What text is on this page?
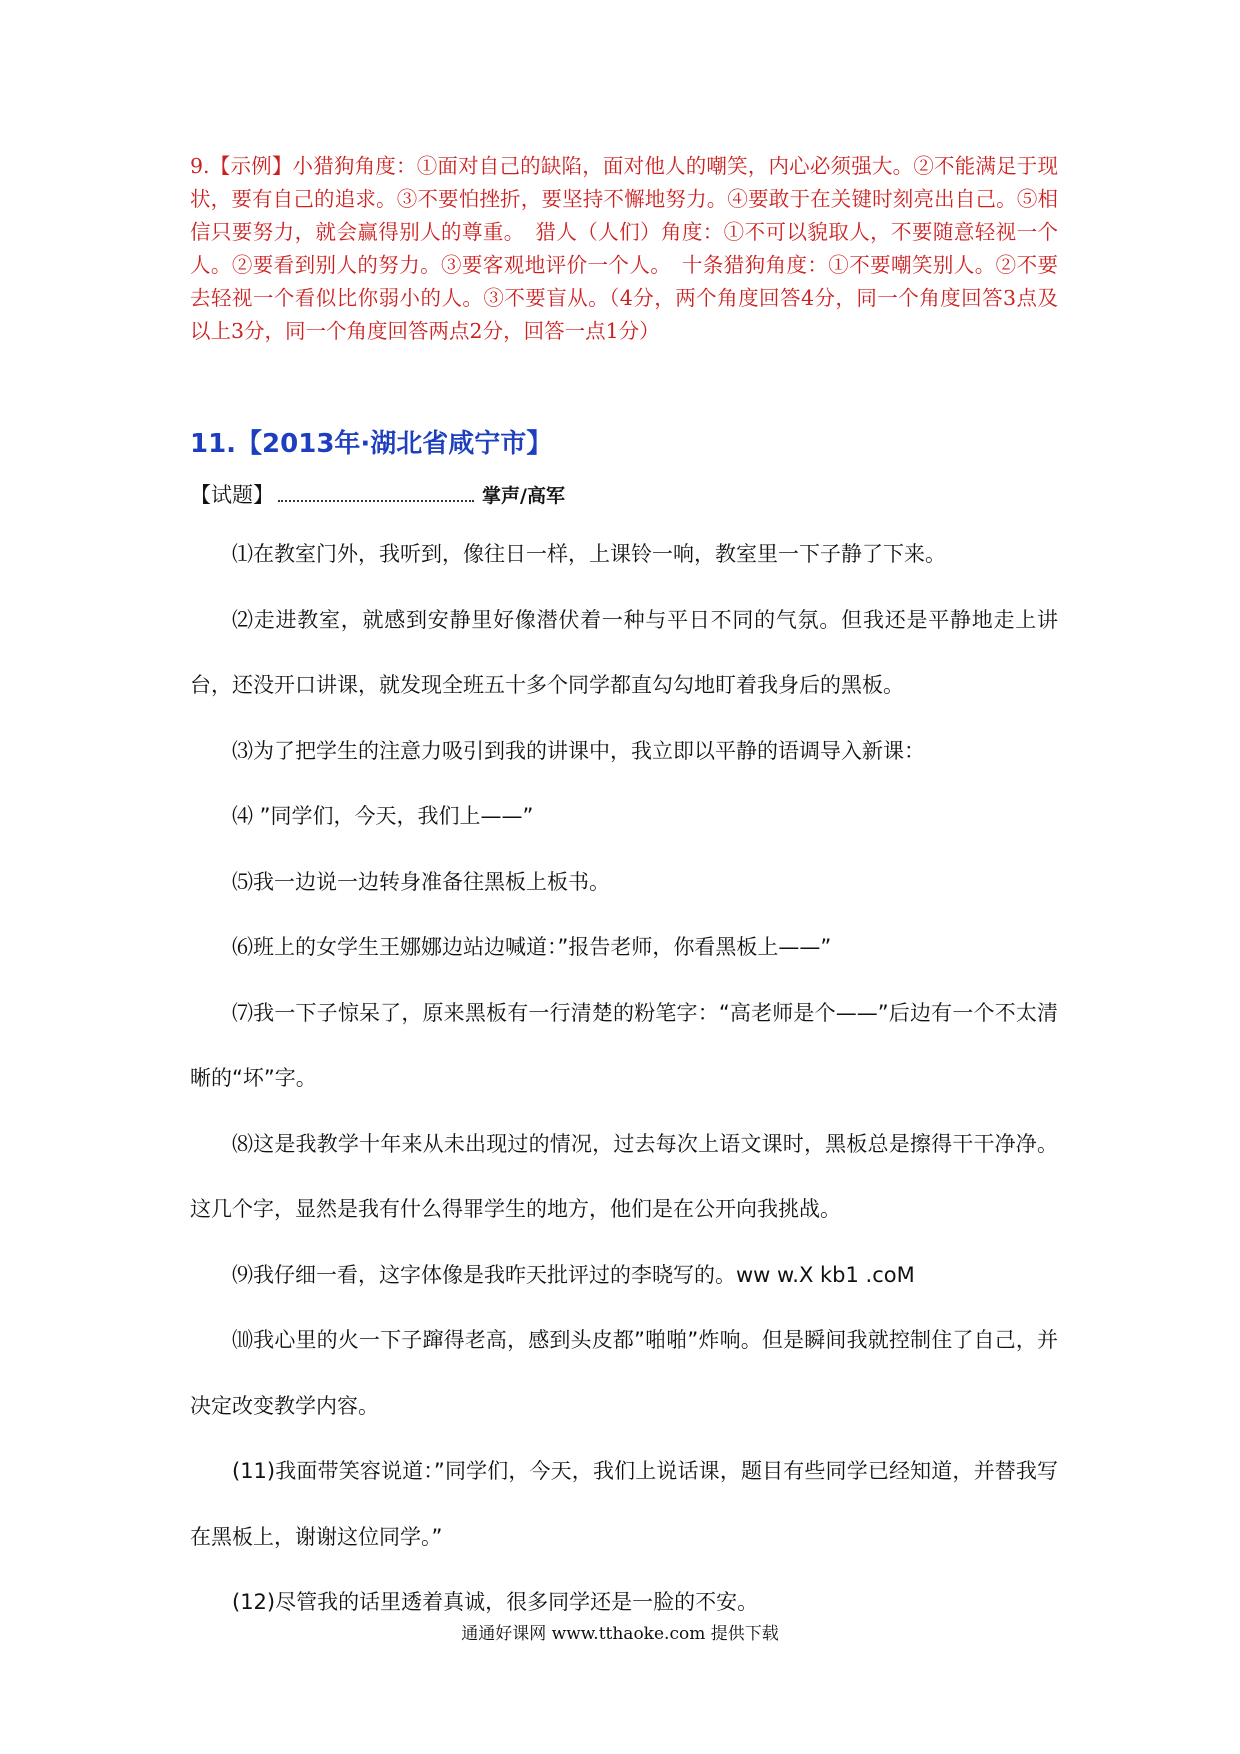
9.【示例】小猎狗角度：①面对自己的缺陷，面对他人的嘲笑，内心必须强大。②不能满足于现状，要有自己的追求。③不要怕挫折，要坚持不懈地努力。④要敢于在关键时刻亮出自己。⑤相信只要努力，就会赢得别人的尊重。　猎人（人们）角度：①不可以貌取人，不要随意轻视一个人。②要看到别人的努力。③要客观地评价一个人。　十条猎狗角度：①不要嘲笑别人。②不要去轻视一个看似比你弱小的人。③不要盲从。（4分，两个角度回答4分，同一个角度回答3点及以上3分，同一个角度回答两点2分，回答一点1分）

11.【2013年·湖北省咸宁市】
【试题】	掌声/高军
⑴在教室门外，我听到，像往日一样，上课铃一响，教室里一下子静了下来。
⑵走进教室，就感到安静里好像潜伏着一种与平日不同的气氛。但我还是平静地走上讲台，还没开口讲课，就发现全班五十多个同学都直勾勾地盯着我身后的黑板。
⑶为了把学生的注意力吸引到我的讲课中，我立即以平静的语调导入新课：
⑷ ”同学们，今天，我们上——”
⑸我一边说一边转身准备往黑板上板书。
⑹班上的女学生王娜娜边站边喊道：”报告老师，你看黑板上——”
⑺我一下子惊呆了，原来黑板有一行清楚的粉笔字：“高老师是个——”后边有一个不太清晰的“坏”字。
⑻这是我教学十年来从未出现过的情况，过去每次上语文课时，黑板总是擦得干干净净。这几个字，显然是我有什么得罪学生的地方，他们是在公开向我挑战。
⑼我仔细一看，这字体像是我昨天批评过的李晓写的。ww w.X kb1 .coM
⑽我心里的火一下子蹿得老高，感到头皮都”啪啪”炸响。但是瞬间我就控制住了自己，并决定改变教学内容。
(11)我面带笑容说道：”同学们，今天，我们上说话课，题目有些同学已经知道，并替我写在黑板上，谢谢这位同学。”
(12)尽管我的话里透着真诚，很多同学还是一脸的不安。

通通好课网 www.tthaoke.com 提供下载
